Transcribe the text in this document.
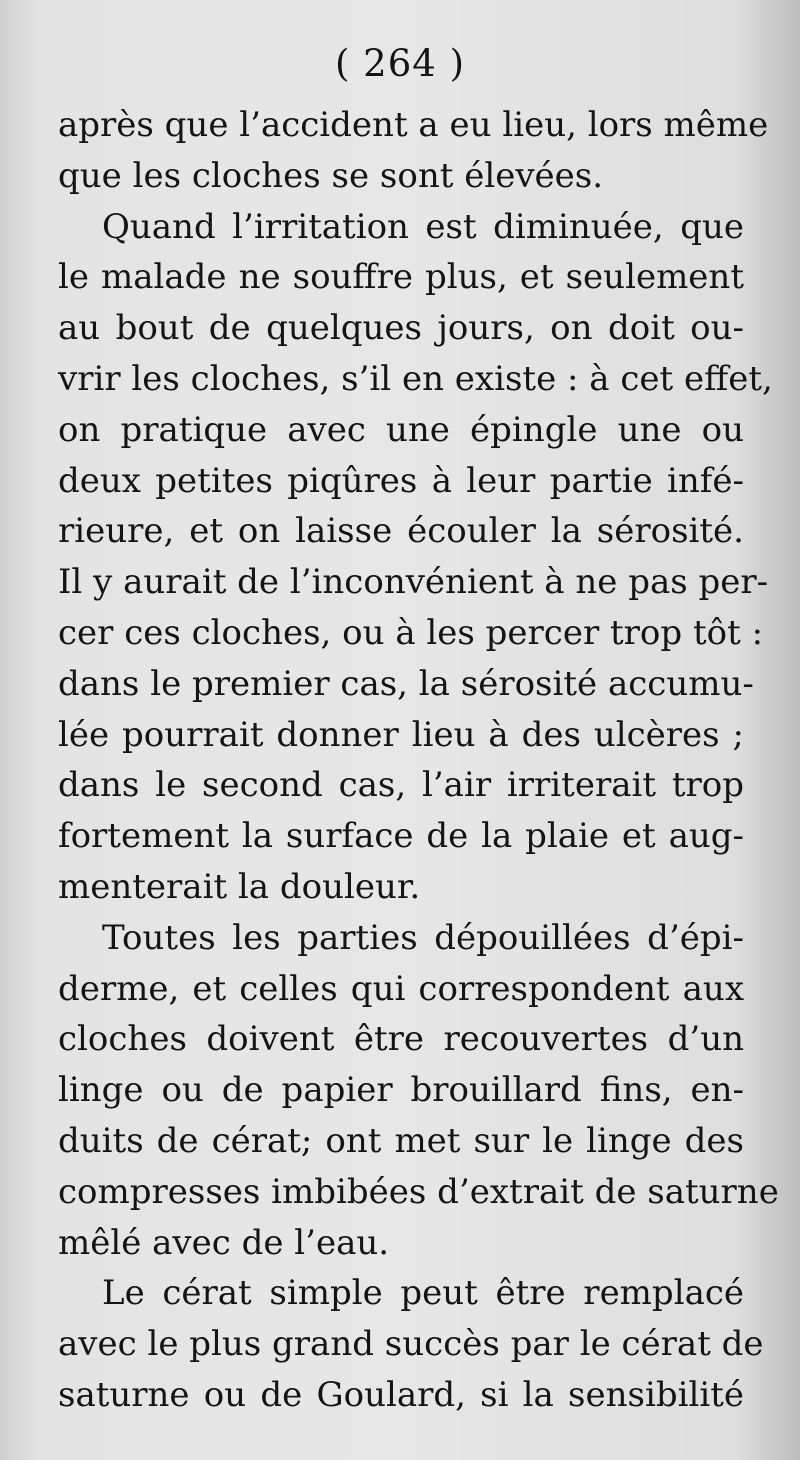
( 264 )
après que l’accident a eu lieu, lors même
que les cloches se sont élevées.
Quand l’irritation est diminuée, que
le malade ne souffre plus, et seulement
au bout de quelques jours, on doit ou-
vrir les cloches, s’il en existe : à cet effet,
on pratique avec une épingle une ou
deux petites piqûres à leur partie infé-
rieure, et on laisse écouler la sérosité.
Il y aurait de l’inconvénient à ne pas per-
cer ces cloches, ou à les percer trop tôt :
dans le premier cas, la sérosité accumu-
lée pourrait donner lieu à des ulcères ;
dans le second cas, l’air irriterait trop
fortement la surface de la plaie et aug-
menterait la douleur.
Toutes les parties dépouillées d’épi-
derme, et celles qui correspondent aux
cloches doivent être recouvertes d’un
linge ou de papier brouillard fins, en-
duits de cérat; ont met sur le linge des
compresses imbibées d’extrait de saturne
mêlé avec de l’eau.
Le cérat simple peut être remplacé
avec le plus grand succès par le cérat de
saturne ou de Goulard, si la sensibilité
